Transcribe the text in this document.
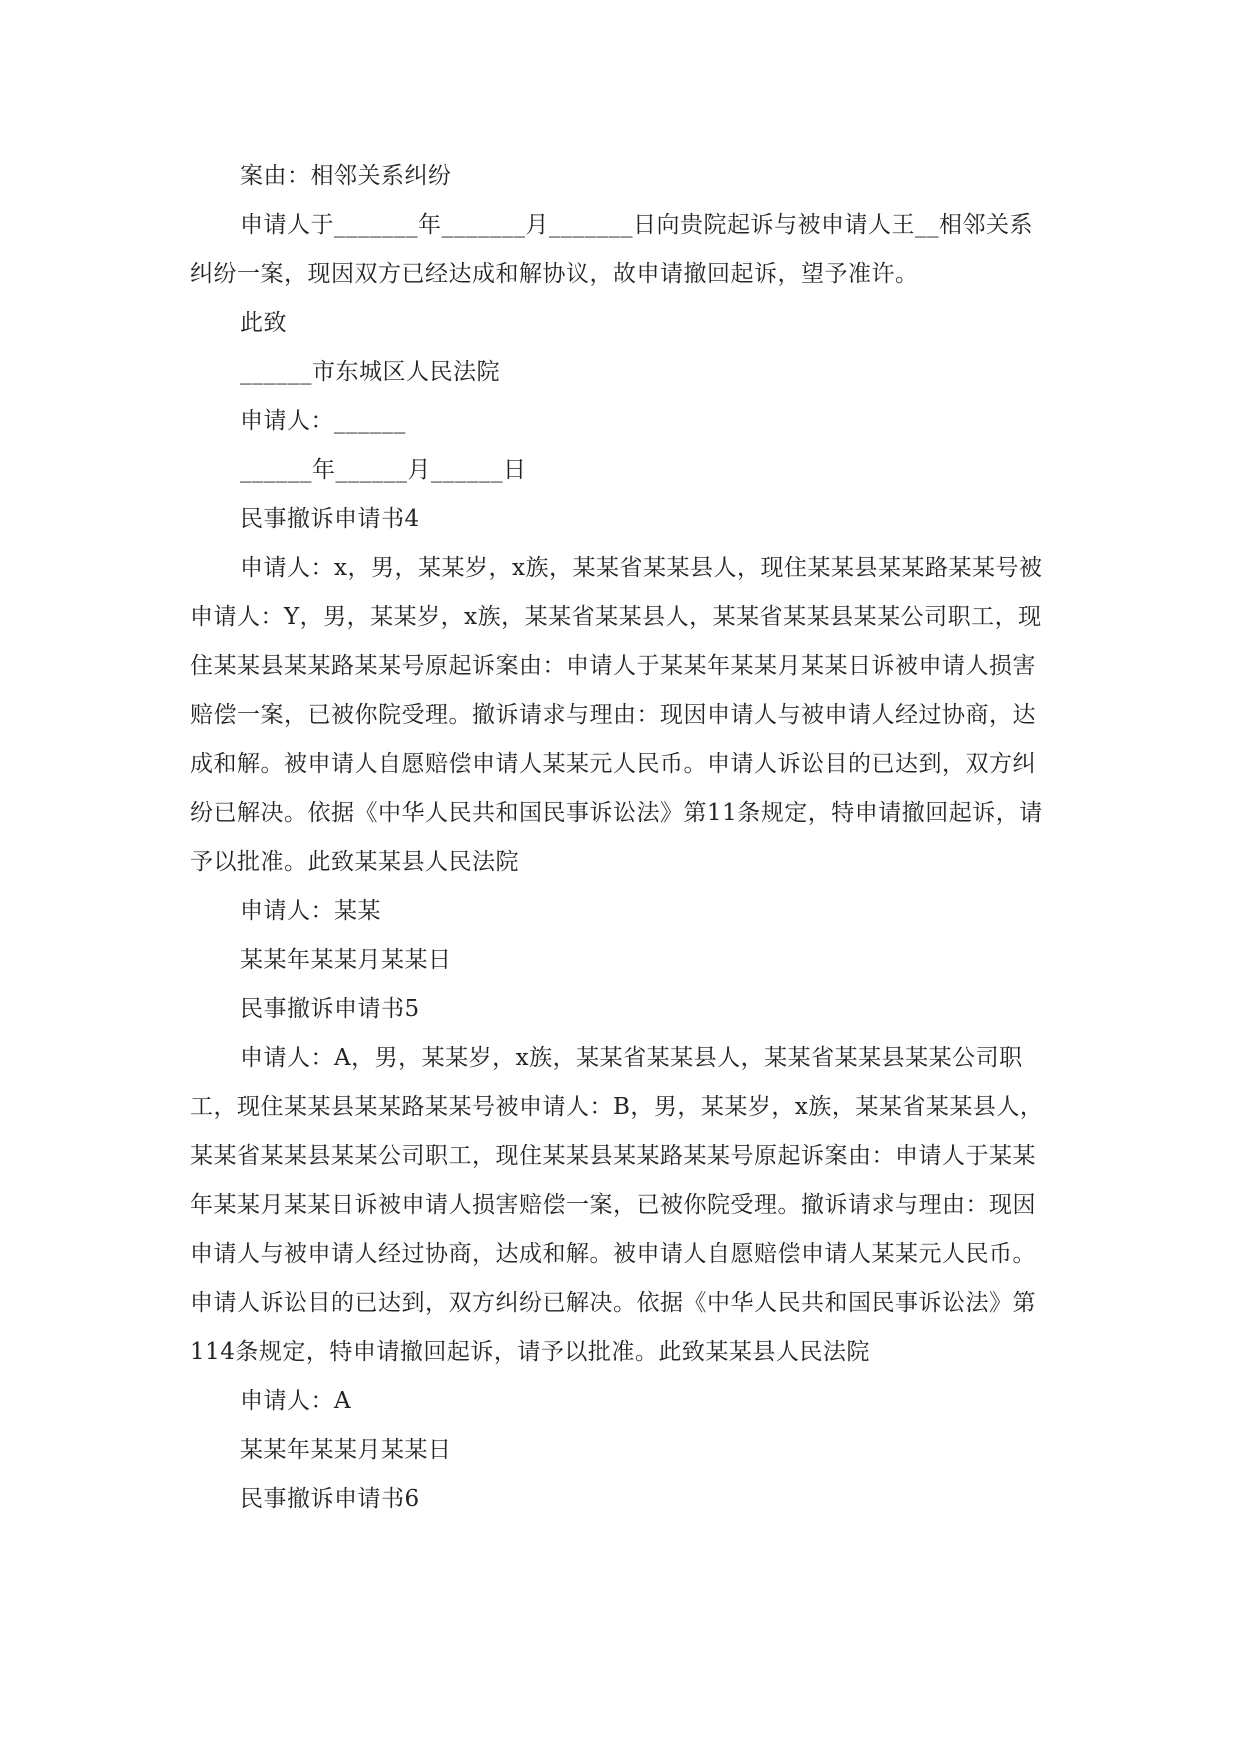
案由：相邻关系纠纷

申请人于_______年_______月_______日向贵院起诉与被申请人王__相邻关系纠纷一案，现因双方已经达成和解协议，故申请撤回起诉，望予准许。

此致

______市东城区人民法院

申请人：______

______年______月______日

民事撤诉申请书4

申请人：x，男，某某岁，x族，某某省某某县人，现住某某县某某路某某号被申请人：Y，男，某某岁，x族，某某省某某县人，某某省某某县某某公司职工，现住某某县某某路某某号原起诉案由：申请人于某某年某某月某某日诉被申请人损害赔偿一案，已被你院受理。撤诉请求与理由：现因申请人与被申请人经过协商，达成和解。被申请人自愿赔偿申请人某某元人民币。申请人诉讼目的已达到，双方纠纷已解决。依据《中华人民共和国民事诉讼法》第11条规定，特申请撤回起诉，请予以批准。此致某某县人民法院

申请人：某某

某某年某某月某某日

民事撤诉申请书5

申请人：A，男，某某岁，x族，某某省某某县人，某某省某某县某某公司职工，现住某某县某某路某某号被申请人：B，男，某某岁，x族，某某省某某县人，某某省某某县某某公司职工，现住某某县某某路某某号原起诉案由：申请人于某某年某某月某某日诉被申请人损害赔偿一案，已被你院受理。撤诉请求与理由：现因申请人与被申请人经过协商，达成和解。被申请人自愿赔偿申请人某某元人民币。申请人诉讼目的已达到，双方纠纷已解决。依据《中华人民共和国民事诉讼法》第114条规定，特申请撤回起诉，请予以批准。此致某某县人民法院

申请人：A

某某年某某月某某日

民事撤诉申请书6
